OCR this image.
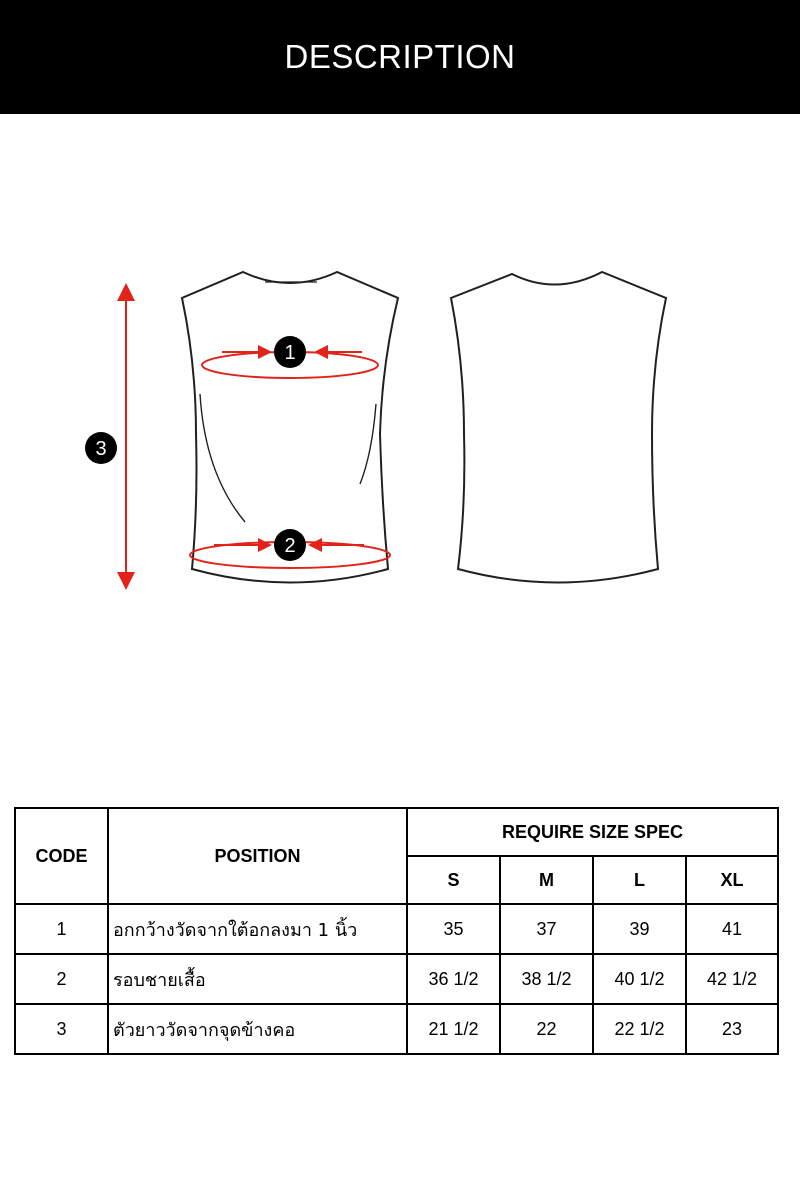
DESCRIPTION
1
2
3
CODE	POSITION	REQUIRE SIZE SPEC			
		S	M	L	XL
1	อกกว้างวัดจากใต้อกลงมา 1 นิ้ว	35	37	39	41
2	รอบชายเสื้อ	36 1/2	38 1/2	40 1/2	42 1/2
3	ตัวยาววัดจากจุดข้างคอ	21 1/2	22	22 1/2	23
